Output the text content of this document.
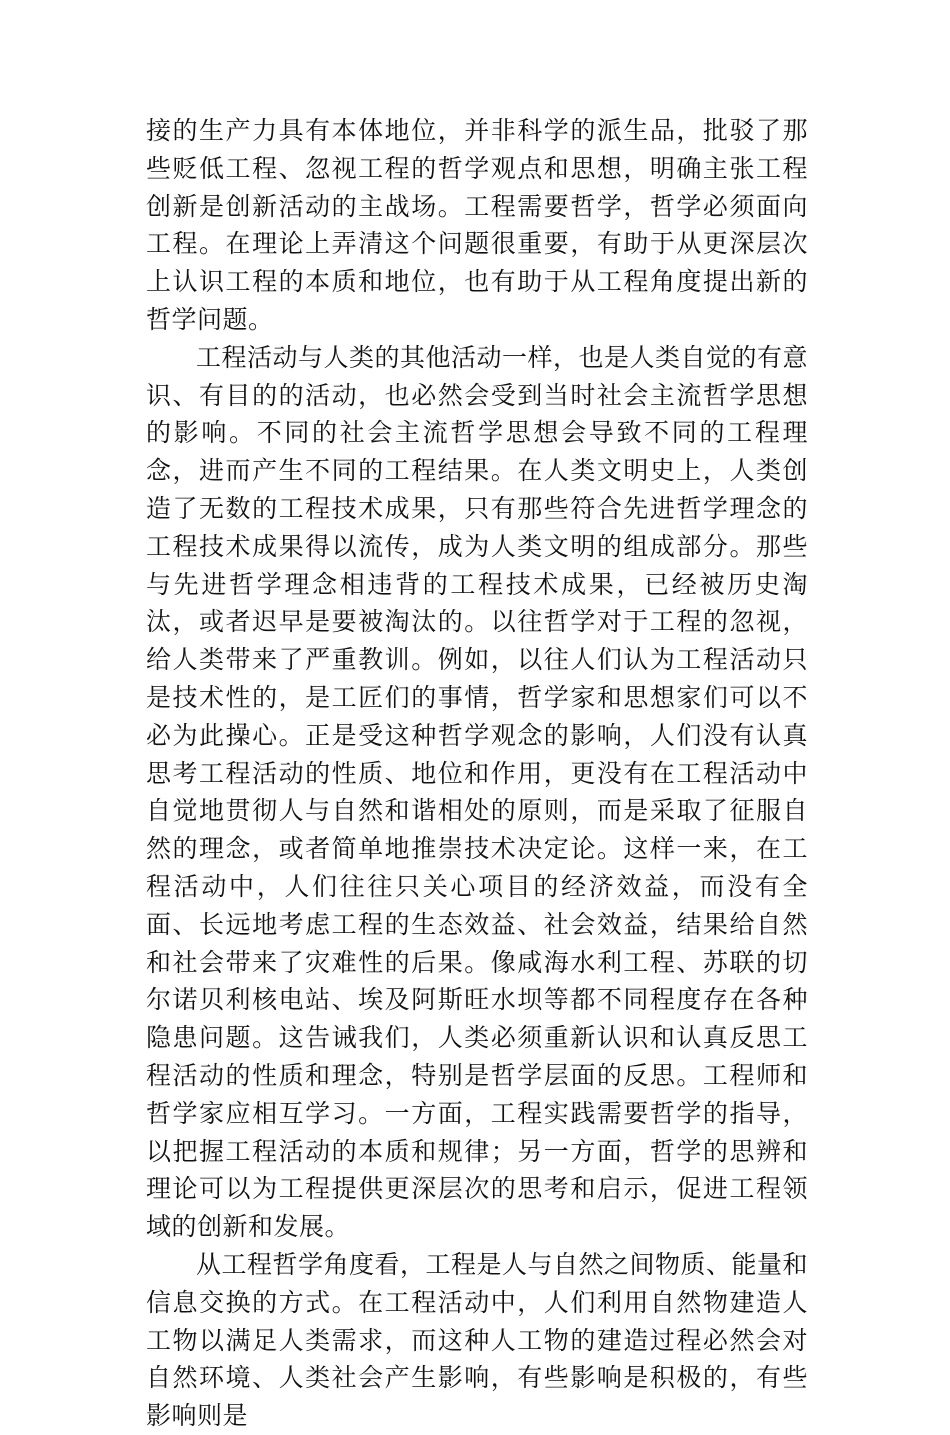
接的生产力具有本体地位，并非科学的派生品，批驳了那些贬低工程、忽视工程的哲学观点和思想，明确主张工程创新是创新活动的主战场。工程需要哲学，哲学必须面向工程。在理论上弄清这个问题很重要，有助于从更深层次上认识工程的本质和地位，也有助于从工程角度提出新的哲学问题。

工程活动与人类的其他活动一样，也是人类自觉的有意识、有目的的活动，也必然会受到当时社会主流哲学思想的影响。不同的社会主流哲学思想会导致不同的工程理念，进而产生不同的工程结果。在人类文明史上，人类创造了无数的工程技术成果，只有那些符合先进哲学理念的工程技术成果得以流传，成为人类文明的组成部分。那些与先进哲学理念相违背的工程技术成果，已经被历史淘汰，或者迟早是要被淘汰的。以往哲学对于工程的忽视，给人类带来了严重教训。例如，以往人们认为工程活动只是技术性的，是工匠们的事情，哲学家和思想家们可以不必为此操心。正是受这种哲学观念的影响，人们没有认真思考工程活动的性质、地位和作用，更没有在工程活动中自觉地贯彻人与自然和谐相处的原则，而是采取了征服自然的理念，或者简单地推崇技术决定论。这样一来，在工程活动中，人们往往只关心项目的经济效益，而没有全面、长远地考虑工程的生态效益、社会效益，结果给自然和社会带来了灾难性的后果。像咸海水利工程、苏联的切尔诺贝利核电站、埃及阿斯旺水坝等都不同程度存在各种隐患问题。这告诫我们，人类必须重新认识和认真反思工程活动的性质和理念，特别是哲学层面的反思。工程师和哲学家应相互学习。一方面，工程实践需要哲学的指导，以把握工程活动的本质和规律；另一方面，哲学的思辨和理论可以为工程提供更深层次的思考和启示，促进工程领域的创新和发展。

从工程哲学角度看，工程是人与自然之间物质、能量和信息交换的方式。在工程活动中，人们利用自然物建造人工物以满足人类需求，而这种人工物的建造过程必然会对自然环境、人类社会产生影响，有些影响是积极的，有些影响则是
